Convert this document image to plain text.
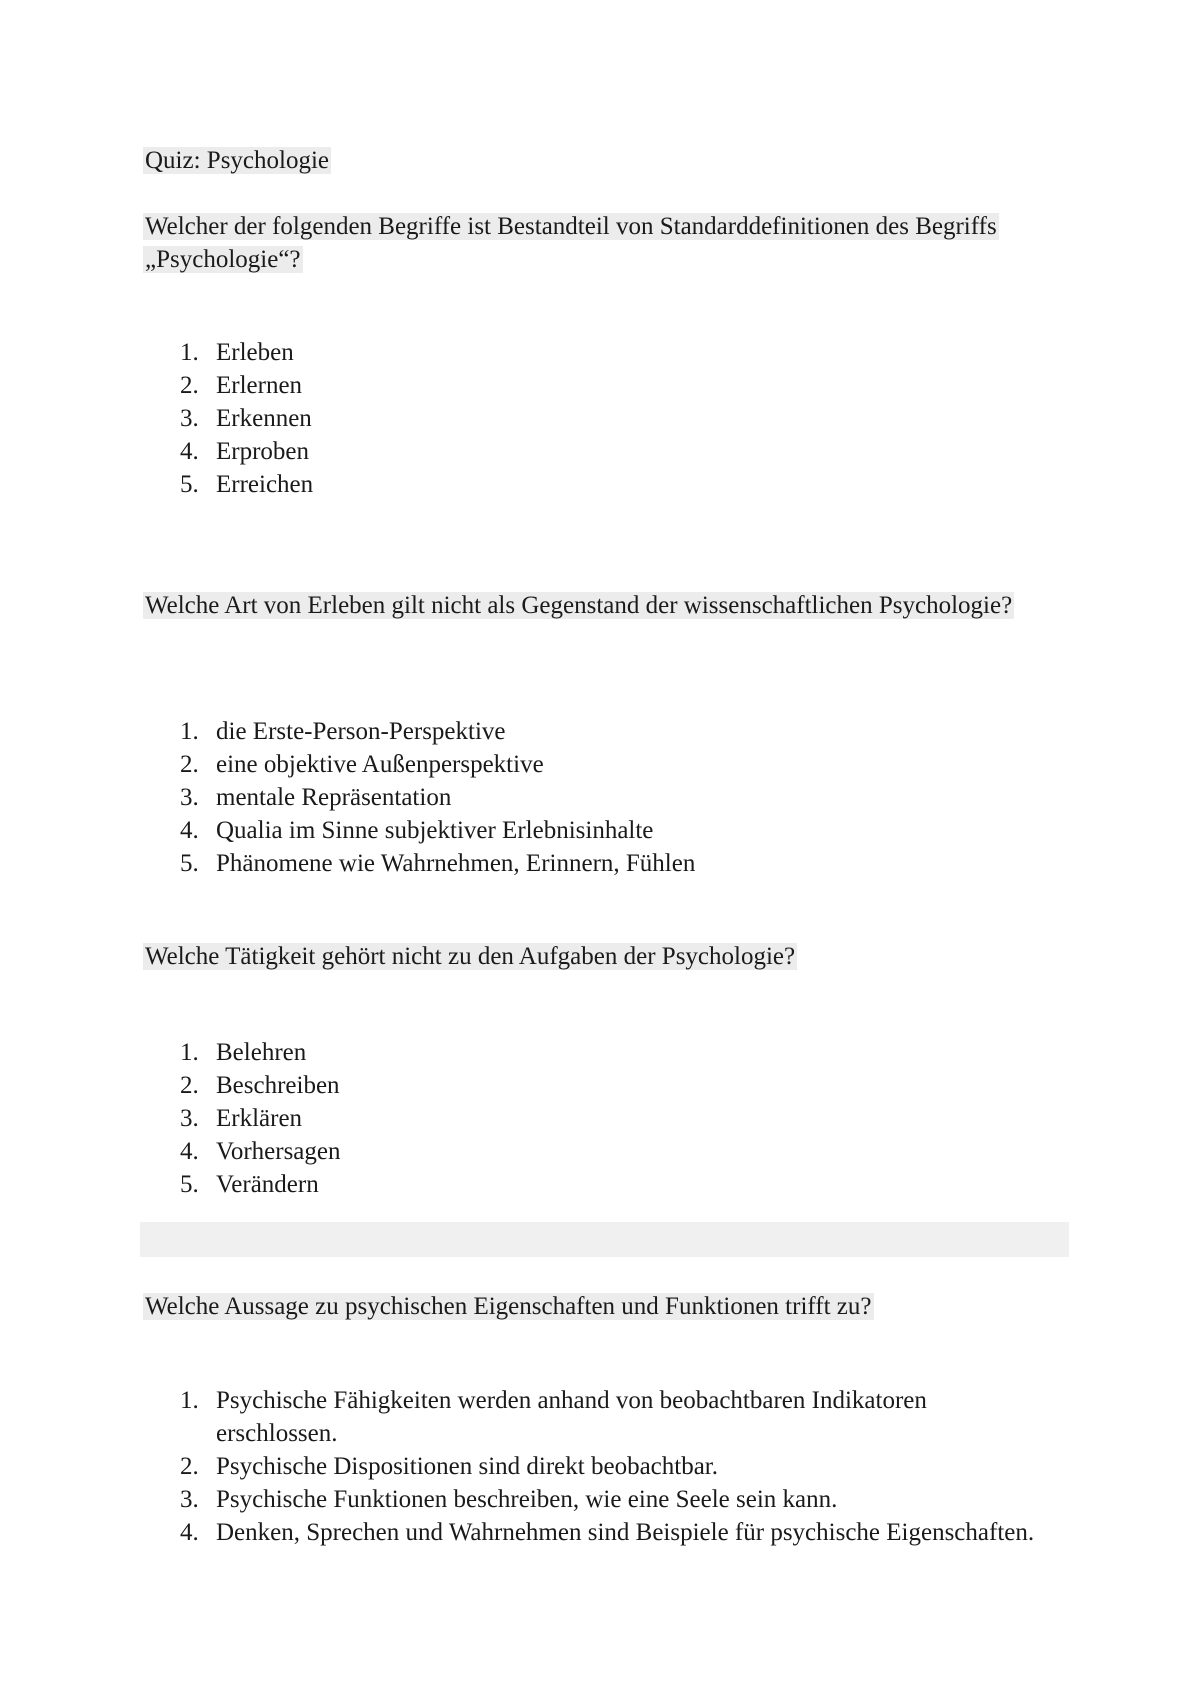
Quiz: Psychologie
Welcher der folgenden Begriffe ist Bestandteil von Standarddefinitionen des Begriffs „Psychologie“?
1. Erleben
2. Erlernen
3. Erkennen
4. Erproben
5. Erreichen
Welche Art von Erleben gilt nicht als Gegenstand der wissenschaftlichen Psychologie?
1. die Erste-Person-Perspektive
2. eine objektive Außenperspektive
3. mentale Repräsentation
4. Qualia im Sinne subjektiver Erlebnisinhalte
5. Phänomene wie Wahrnehmen, Erinnern, Fühlen
Welche Tätigkeit gehört nicht zu den Aufgaben der Psychologie?
1. Belehren
2. Beschreiben
3. Erklären
4. Vorhersagen
5. Verändern
Welche Aussage zu psychischen Eigenschaften und Funktionen trifft zu?
1. Psychische Fähigkeiten werden anhand von beobachtbaren Indikatoren erschlossen.
2. Psychische Dispositionen sind direkt beobachtbar.
3. Psychische Funktionen beschreiben, wie eine Seele sein kann.
4. Denken, Sprechen und Wahrnehmen sind Beispiele für psychische Eigenschaften.
